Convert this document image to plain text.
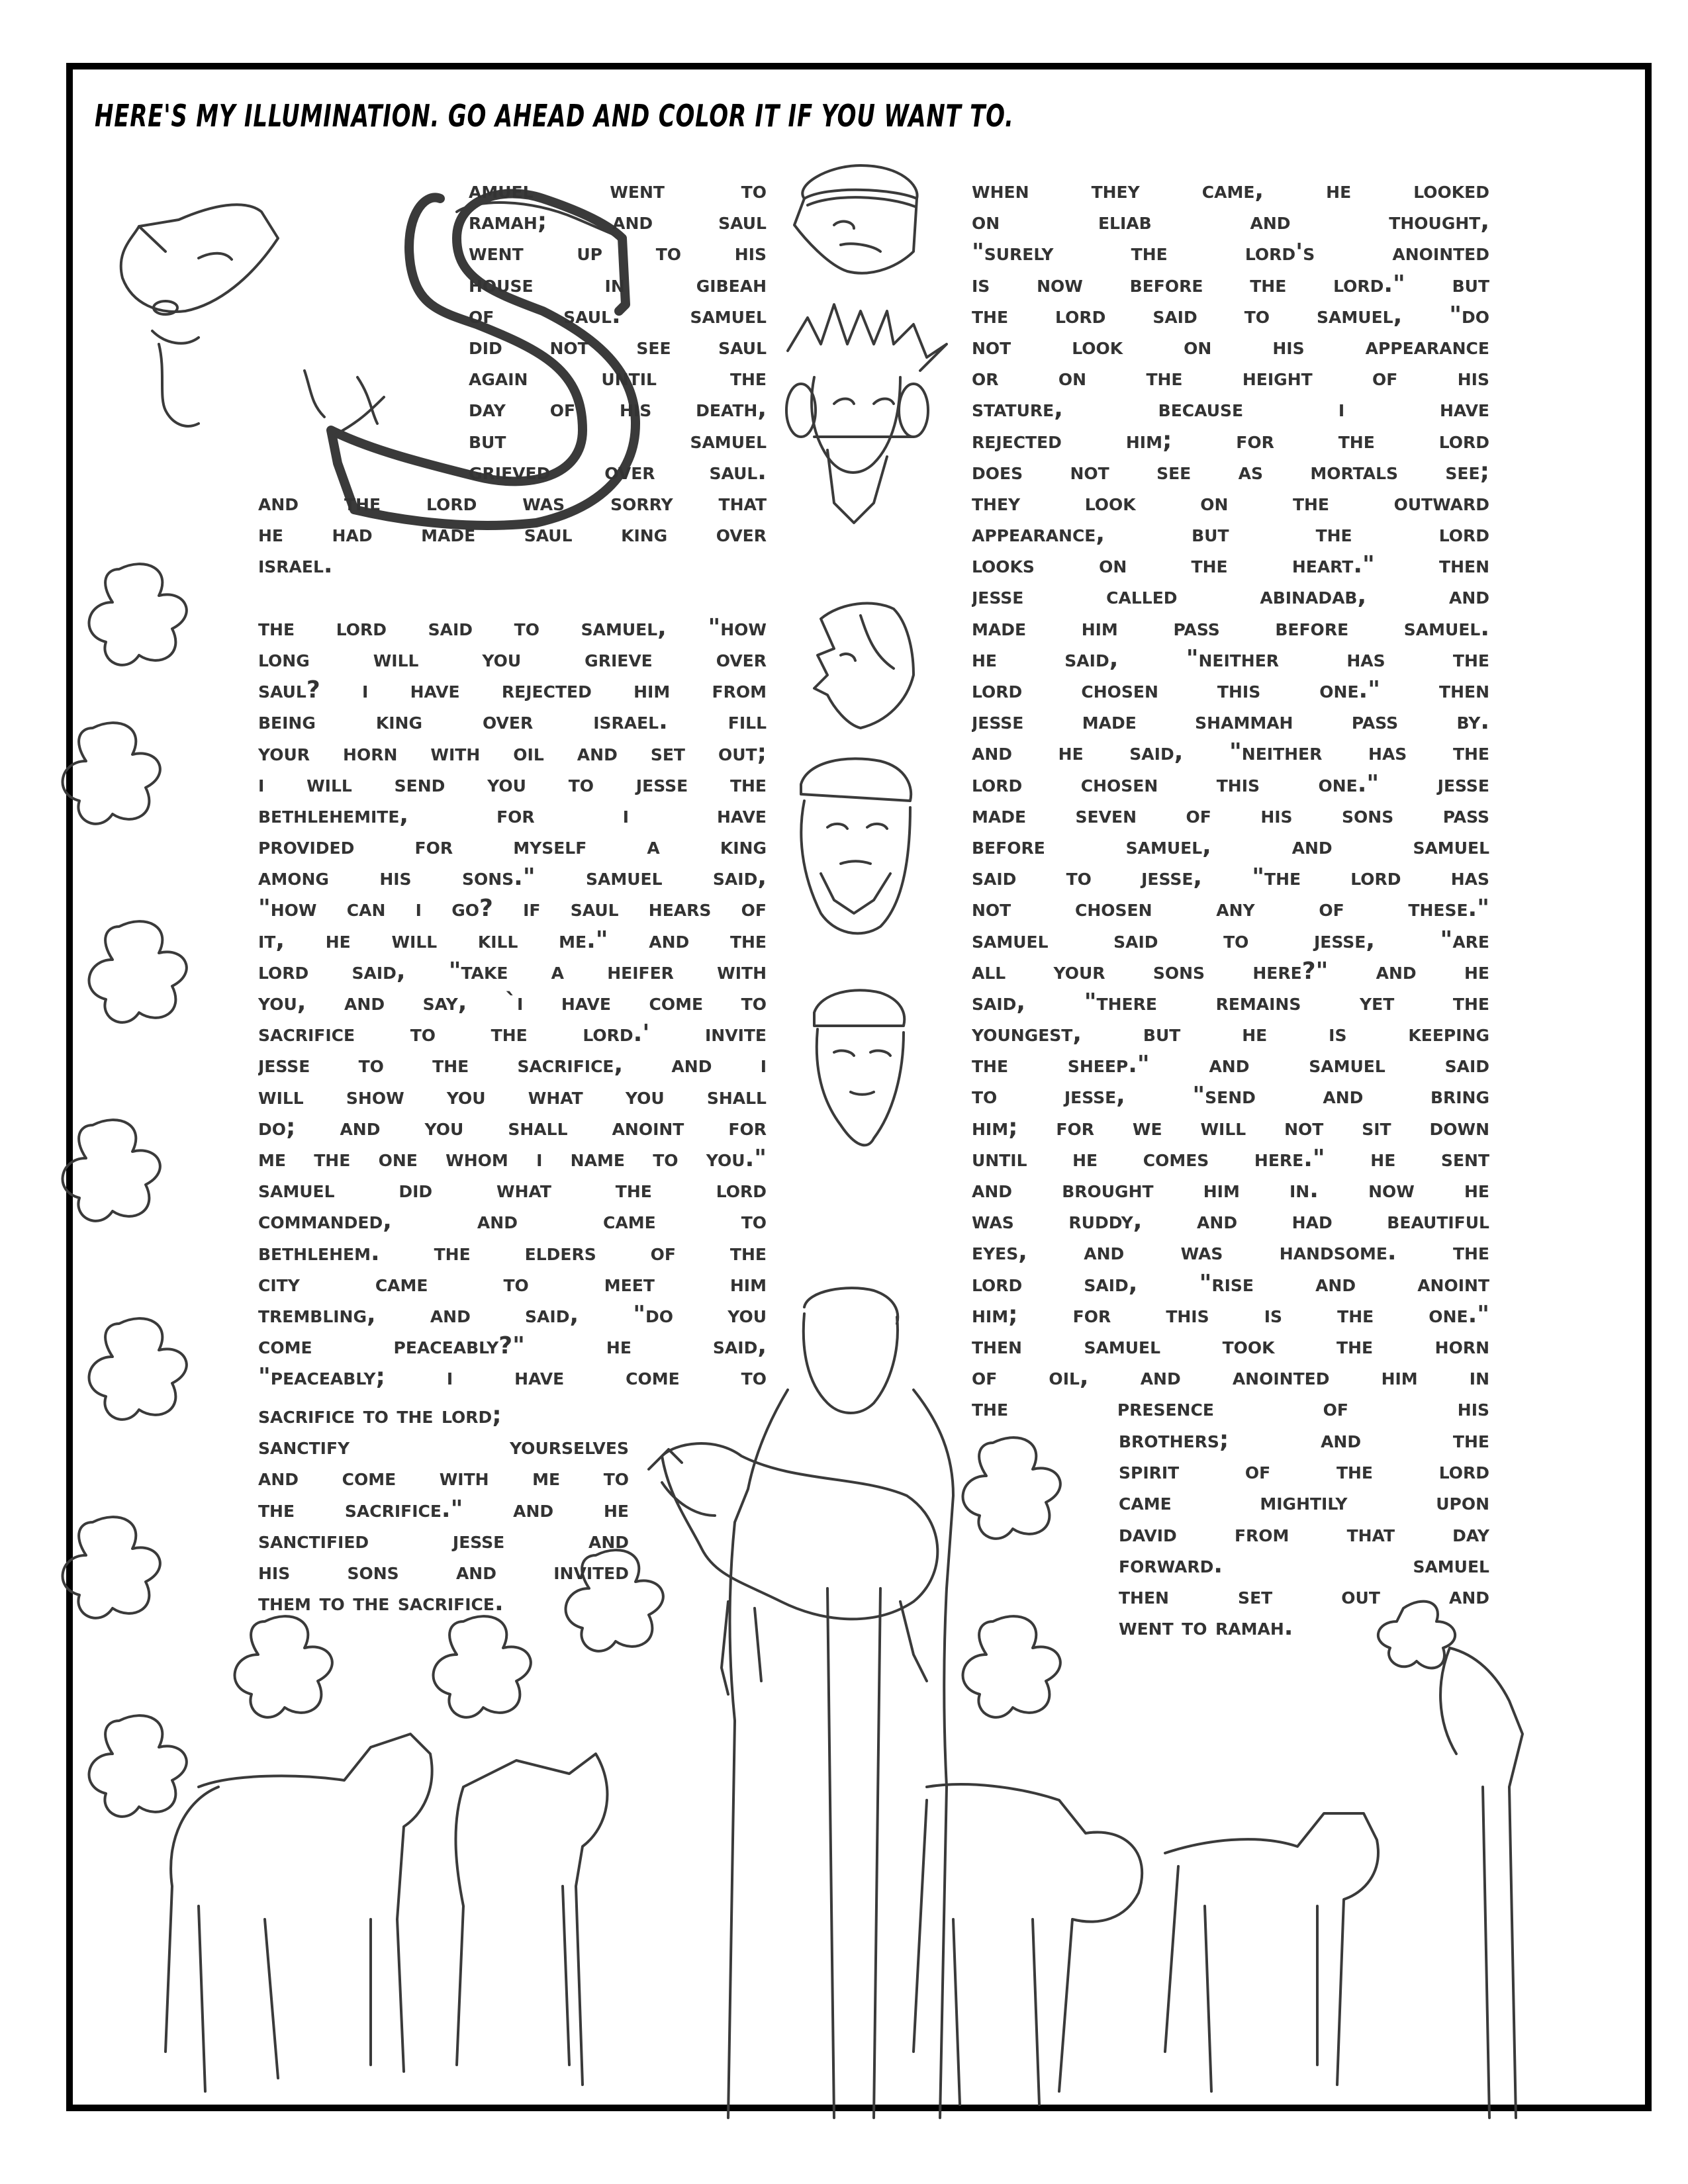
HERE'S MY ILLUMINATION. GO AHEAD AND COLOR IT IF YOU WANT TO.
amuel went to
ramah; and saul
went up to his
house in gibeah
of saul. samuel
did not see saul
again until the
day of his death,
but samuel
grieved over saul.
and the lord was sorry that
he had made saul king over
israel.
the lord said to samuel, "how
long will you grieve over
saul? i have rejected him from
being king over israel. fill
your horn with oil and set out;
i will send you to jesse the
bethlehemite, for i have
provided for myself a king
among his sons." samuel said,
"how can i go? if saul hears of
it, he will kill me." and the
lord said, "take a heifer with
you, and say, `i have come to
sacrifice to the lord.' invite
jesse to the sacrifice, and i
will show you what you shall
do; and you shall anoint for
me the one whom i name to you."
samuel did what the lord
commanded, and came to
bethlehem. the elders of the
city came to meet him
trembling, and said, "do you
come peaceably?" he said,
"peaceably; i have come to
sacrifice to the lord;
sanctify yourselves
and come with me to
the sacrifice." and he
sanctified jesse and
his sons and invited
them to the sacrifice.
when they came, he looked
on eliab and thought,
"surely the lord's anointed
is now before the lord." but
the lord said to samuel, "do
not look on his appearance
or on the height of his
stature, because i have
rejected him; for the lord
does not see as mortals see;
they look on the outward
appearance, but the lord
looks on the heart." then
jesse called abinadab, and
made him pass before samuel.
he said, "neither has the
lord chosen this one." then
jesse made shammah pass by.
and he said, "neither has the
lord chosen this one." jesse
made seven of his sons pass
before samuel, and samuel
said to jesse, "the lord has
not chosen any of these."
samuel said to jesse, "are
all your sons here?" and he
said, "there remains yet the
youngest, but he is keeping
the sheep." and samuel said
to jesse, "send and bring
him; for we will not sit down
until he comes here." he sent
and brought him in. now he
was ruddy, and had beautiful
eyes, and was handsome. the
lord said, "rise and anoint
him; for this is the one."
then samuel took the horn
of oil, and anointed him in
the presence of his
brothers; and the
spirit of the lord
came mightily upon
david from that day
forward. samuel
then set out and
went to ramah.
